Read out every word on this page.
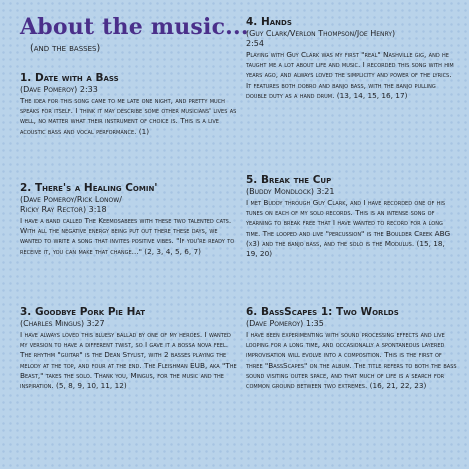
About the music...
(and the basses)

1. Date with a Bass

(Dave Pomeroy) 2:33

The idea for this song came to me late one night, and pretty much speaks for itself. I think it may describe some other musicians' lives as well, no matter what their instrument of choice is. This is a live acoustic bass and vocal performance. (1)

2. There's a Healing Comin'

(Dave Pomeroy/Rick Lonow/

Ricky Ray Rector) 3:18

I have a band called The Keemosabees with these two talented cats. With all the negative energy being put out there these days, we wanted to write a song that invites positive vibes. "If you're ready to receive it, you can make that change..." (2, 3, 4, 5, 6, 7)

3. Goodbye Pork Pie Hat

(Charles Mingus) 3:27

I have always loved this bluesy ballad by one of my heroes. I wanted my version to have a different twist, so I gave it a bossa nova feel. The rhythm "guitar" is the Dean Stylist, with 2 basses playing the melody at the top, and four at the end. The Fleishman EUB, aka "The Beast," takes the solo. Thank you, Mingus, for the music and the inspiration. (5, 8, 9, 10, 11, 12)

4. Hands

(Guy Clark/Verlon Thompson/Joe Henry)

2:54

Playing with Guy Clark was my first "real" Nashville gig, and he taught me a lot about life and music. I recorded this song with him years ago, and always loved the simplicity and power of the lyrics. It features both dobro and banjo bass, with the banjo pulling double duty as a hand drum. (13, 14, 15, 16, 17)

5. Break the Cup

(Buddy Mondlock) 3:21

I met Buddy through Guy Clark, and I have recorded one of his tunes on each of my solo records. This is an intense song of yearning to break free that I have wanted to record for a long time. The looped and live "percussion" is the Boulder Creek ABG (x3) and the banjo bass, and the solo is the Modulus. (15, 18, 19, 20)

6. BassScapes 1: Two Worlds

(Dave Pomeroy) 1:35

I have been experimenting with sound processing effects and live looping for a long time, and occasionally a spontaneous layered improvisation will evolve into a composition. This is the first of three "BassScapes" on the album. The title refers to both the bass sound visiting outer space, and that much of life is a search for common ground between two extremes. (16, 21, 22, 23)
